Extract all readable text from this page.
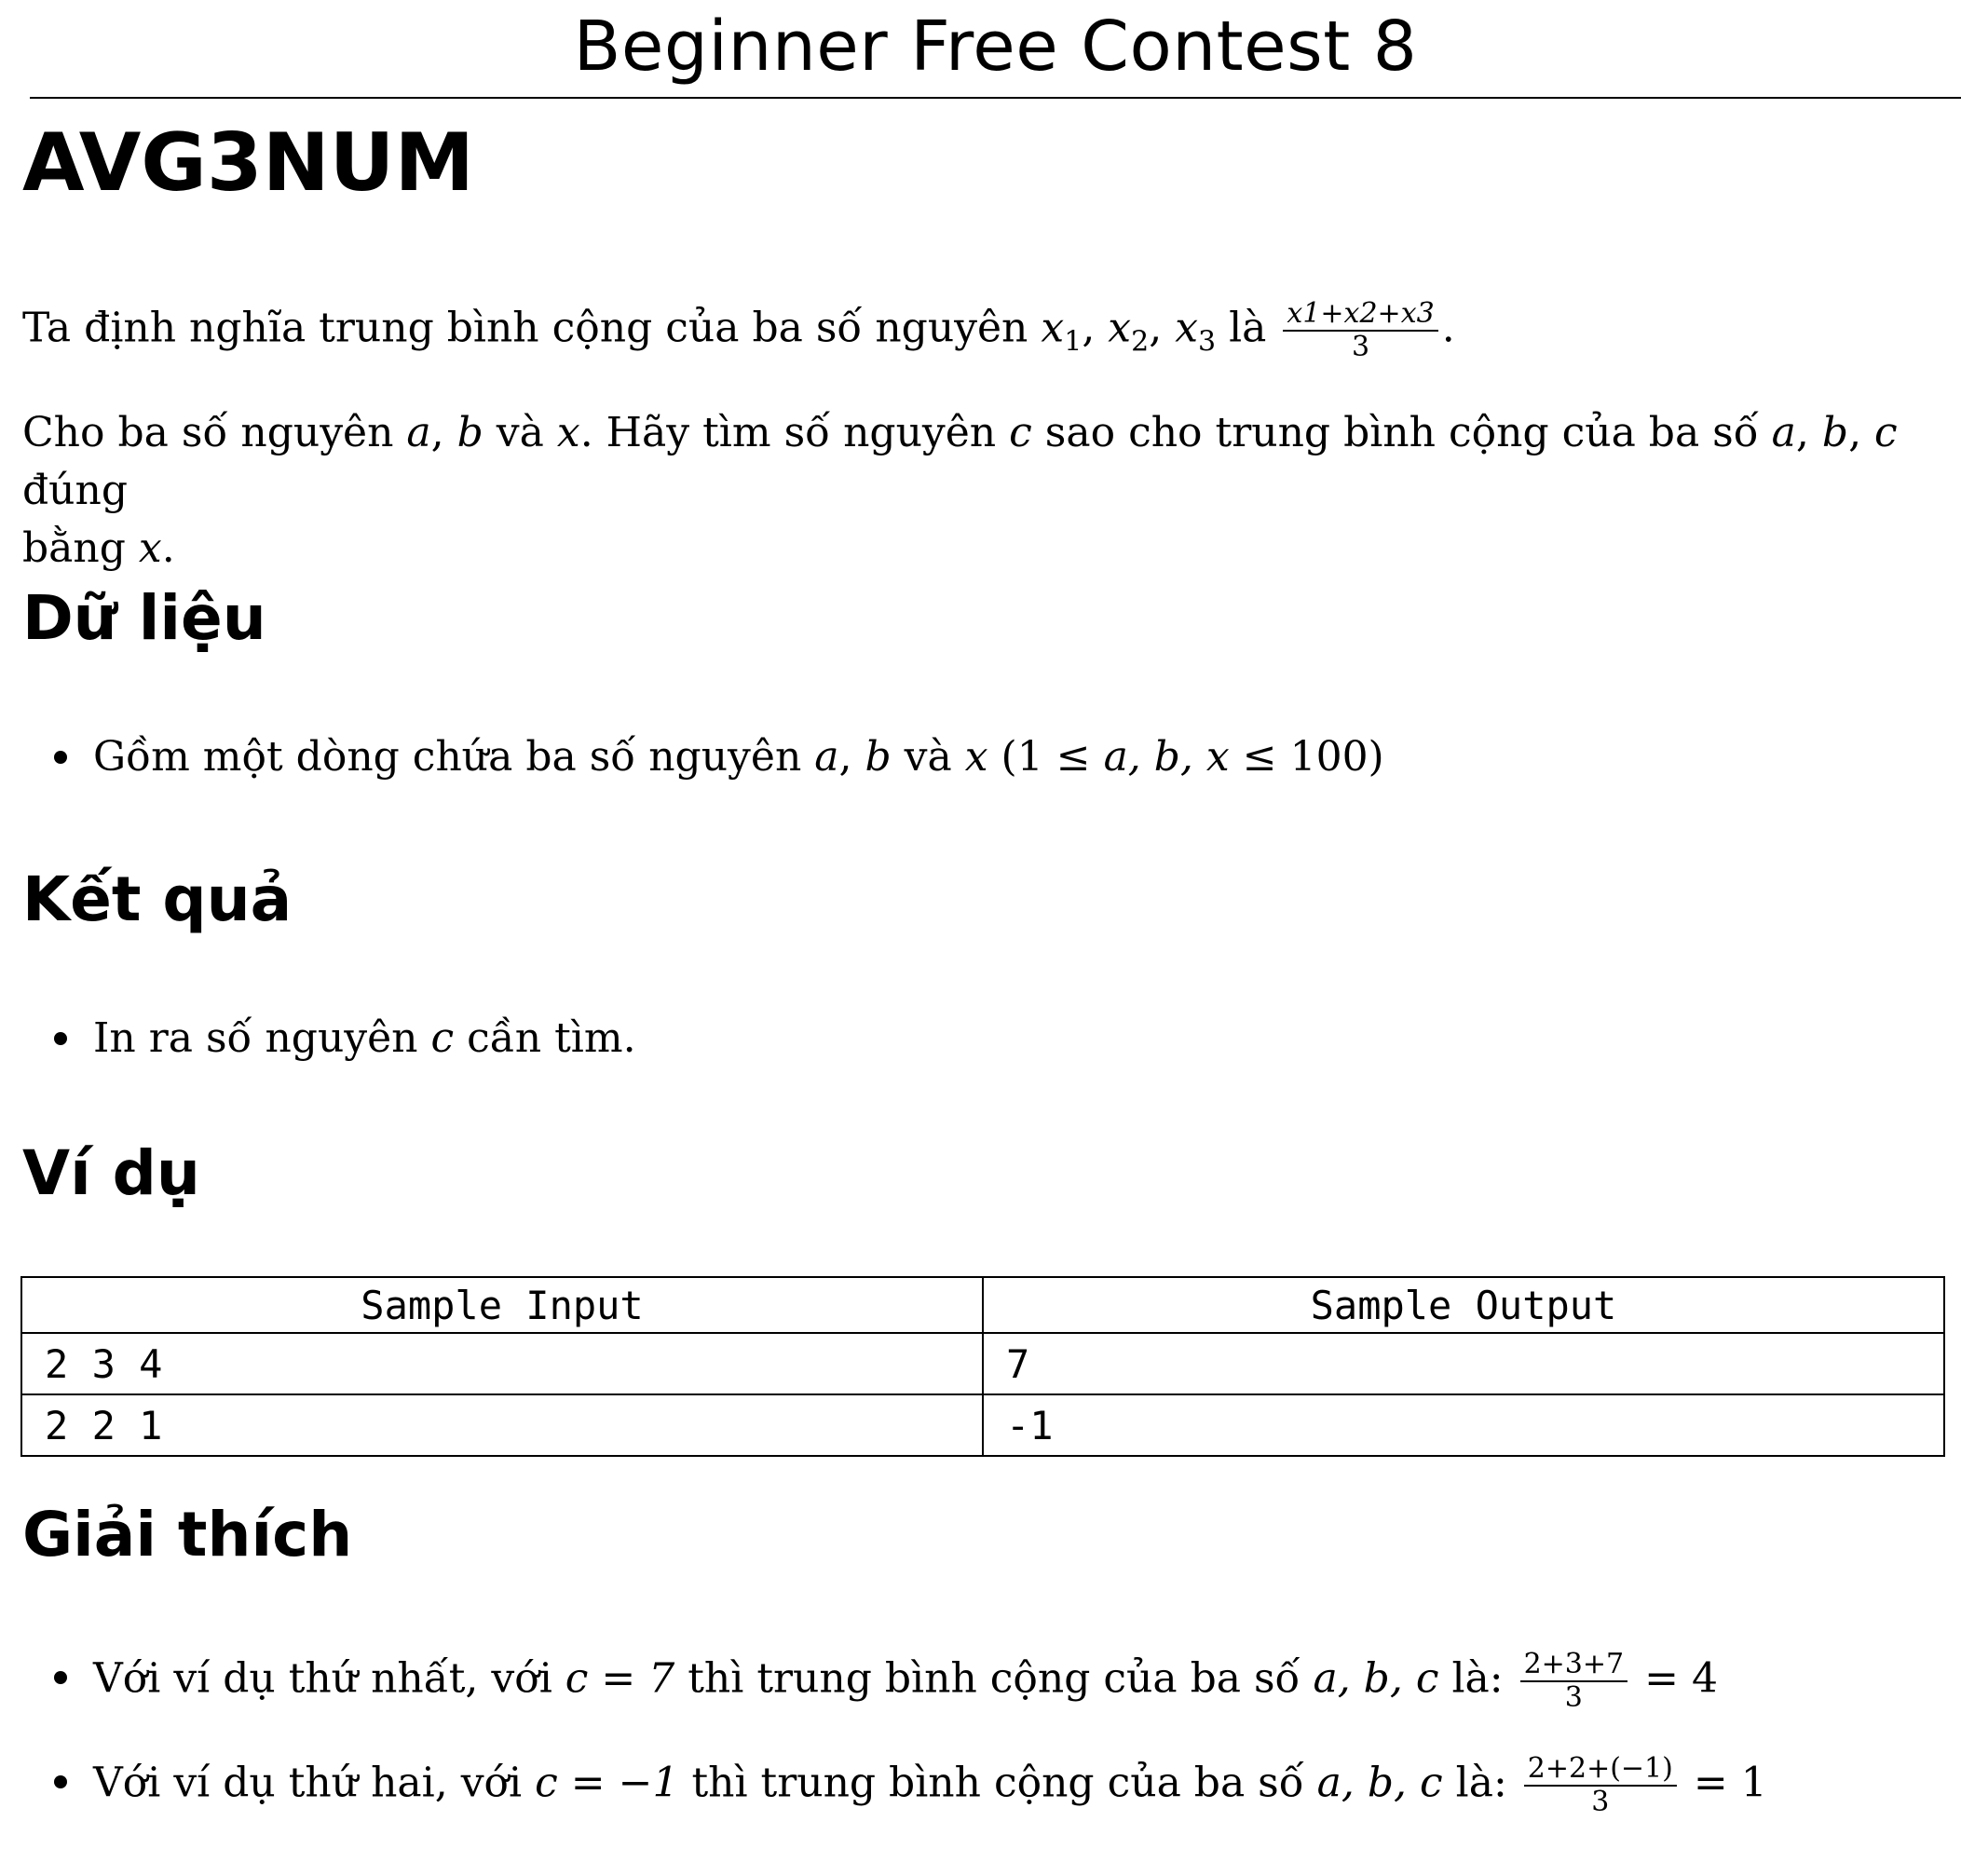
Beginner Free Contest 8
AVG3NUM
Ta định nghĩa trung bình cộng của ba số nguyên $x_1$, $x_2$, $x_3$ là $\frac{x1+x2+x3}{3}$ .
Cho ba số nguyên a, b và x. Hãy tìm số nguyên c sao cho trung bình cộng của ba số a, b, c đúng
bằng x.
Dữ liệu
Gồm một dòng chứa ba số nguyên a, b và x (1 ≤ a, b, x ≤ 100)
Kết quả
In ra số nguyên c cần tìm.
Ví dụ
Sample Input	Sample Output
2 3 4	7
2 2 1	-1
Giải thích
Với ví dụ thứ nhất, với c = 7 thì trung bình cộng của ba số a, b, c là: $\frac{2+3+7}{3} = 4$
Với ví dụ thứ hai, với c = −1 thì trung bình cộng của ba số a, b, c là: $\frac{2+2+(-1)}{3} = 1$
